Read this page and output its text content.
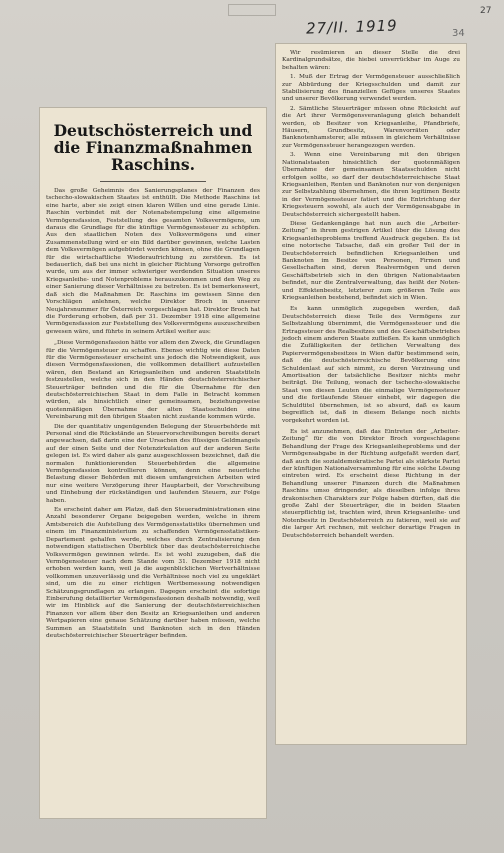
27
27/II. 1919	34
Deutschösterreich und die Finanzmaßnahmen Raschins.

Das große Geheimnis des Sanierungsplanes der Finanzen des tschecho-slowakischen Staates ist enthüllt. Die Methode Raschins ist eine harte, aber sie zeigt einen klaren Willen und eine gerade Linie. Raschin verbindet mit der Notenabstempelung eine allgemeine Vermögensfassion, Feststellung des gesamten Volksvermögens, um daraus die Grundlage für die künftige Vermögenssteuer zu schöpfen. Aus den staatlichen Noten des Volksvermögens und einer Zusammenstellung wird er ein Bild darüber gewinnen, welche Lasten dem Volksvermögen aufgebürdet werden können, ohne die Grundlagen für die wirtschaftliche Wiederaufrichtung zu zerstören. Es ist bedauerlich, daß bei uns nicht in gleicher Richtung Vorsorge getroffen wurde, um aus der immer schwieriger werdenden Situation unseres Kriegsanleihe- und Notenproblems herauszukommen und den Weg zu einer Sanierung dieser Verhältnisse zu betreten. Es ist bemerkenswert, daß sich die Maßnahmen Dr. Raschins im gewissen Sinne den Vorschlägen anlehnen, welche Direktor Broch in unserer Neujahrsnummer für Österreich vorgeschlagen hat. Direktor Broch hat die Forderung erhoben, daß per 31. Dezember 1918 eine allgemeine Vermögensfassion zur Feststellung des Volksvermögens auszuschreiben gewesen wäre, und führte in seinem Artikel weiter aus:

„Diese Vermögensfassion hätte vor allem den Zweck, die Grundlagen für die Vermögensteuer zu schaffen. Ebenso wichtig wie diese Daten für die Vermögenssteuer erscheint uns jedoch die Notwendigkeit, aus diesen Vermögensfassionen, die vollkommen detailliert aufzustellen wären, den Bestand an Kriegsanleihen und anderen Staatstiteln festzustellen, welche sich in den Händen deutschösterreichischer Steuerträger befinden und die für die Übernahme für den deutschösterreichischen Staat in dem Falle in Betracht kommen würden, als hinsichtlich einer gemeinsamen, beziehungsweise quotenmäßigen Übernahme der alten Staatsschulden eine Vereinbarung mit den übrigen Staaten nicht zustande kommen würde.

Die der quantitativ ungenügenden Belegung der Steuerbehörde mit Personal sind die Rückstände an Steuervorschreibungen bereits derart angewachsen, daß darin eine der Ursachen des flüssigen Geldmangels auf der einen Seite und der Notenzirkulation auf der anderen Seite gelegen ist. Es wird daher als ganz ausgeschlossen bezeichnet, daß die normalen funktionierenden Steuerbehörden die allgemeine Vermögensfassion kontrollieren können, denn eine neuerliche Belastung dieser Behörden mit diesen umfangreichen Arbeiten wird nur eine weitere Verzögerung ihrer Hauptarbeit, der Vorschreibung und Einhebung der rückständigen und laufenden Steuern, zur Folge haben.

Es erscheint daher am Platze, daß den Steueradministrationen eine Anzahl besonderer Organe beigegeben werden, welche in ihrem Amtsbereich die Aufstellung des Vermögensstatistiks übernehmen und einem im Finanzministerium zu schaffenden Vermögensstatistiken-Departement gehalfen werde, welches durch Zentralisierung den notwendigen statistischen Überblick über das deutschösterreichische Volksvermögen gewinnen würde. Es ist wohl zuzugeben, daß die Vermögenssteuer nach dem Stande vom 31. Dezember 1918 nicht erhoben werden kann, weil ja die augenblicklichen Wertverhältnisse vollkommen unzuverlässig und die Verhältnisse noch viel zu ungeklärt sind, um die zu einer richtigen Wertbemessung notwendigen Schätzungsgrundlagen zu erlangen. Dagegen erscheint die sofortige Einberufung detaillierter Vermögensfassionen deshalb notwendig, weil wir im Hinblick auf die Sanierung der deutschösterreichischen Finanzen vor allem über den Besitz an Kriegsanleihen und anderen Wertpapieren eine genaue Schätzung darüber haben müssen, welche Summen an Staatstiteln und Banknoten sich in den Händen deutschösterreichischer Steuerträger befinden.

Wir resümieren an dieser Stelle die drei Kardinalgrundsätze, die hiebei unverrückbar im Auge zu behalten wären:

1. Muß der Ertrag der Vermögensteuer ausschließlich zur Abbürdung der Kriegsschulden und damit zur Stabilisierung des finanziellen Gefüges unseres Staates und unserer Bevölkerung verwendet werden.

2. Sämtliche Steuerträger müssen ohne Rücksicht auf die Art ihrer Vermögensveranlagung gleich behandelt werden, ob Besitzer von Kriegsanleihe, Pfandbriefe, Häusern, Grundbesitz, Warenvorräten oder Banknotenhamsterer, alle müssen in gleichem Verhältnisse zur Vermögenssteuer herangezogen werden.

3. Wenn eine Vereinbarung mit den übrigen Nationalstaaten hinsichtlich der quotenmäßigen Übernahme der gemeinsamen Staatsschulden nicht erfolgen sollte, so darf der deutschösterreichische Staat Kriegsanleihen, Renten und Banknoten nur von denjenigen zur Selbstzahlung übernehmen, die ihren legitimen Besitz in der Vermögenssteuer fatiert und die Entrichtung der Kriegssteuern sowohl, als auch der Vermögensabgabe in Deutschösterreich sichergestellt haben.

Diese Gedankengänge hat nun auch die „Arbeiter-Zeitung“ in ihrem gestrigen Artikel über die Lösung des Kriegsanleiheproblems treffend Ausdruck gegeben. Es ist eine notorische Tatsache, daß ein großer Teil der in Deutschösterreich befindlichen Kriegsanleihen und Banknoten im Besitze von Personen, Firmen und Gesellschaften sind, deren Realvermögen und deren Geschäftsbetrieb sich in den übrigen Nationalstaaten befindet, nur die Zentralverwaltung, das heißt der Noten- und Effektenbesitz, letzterer zum größeren Teile aus Kriegsanleihen bestehend, befindet sich in Wien.

Es kann unmöglich zugegeben werden, daß Deutschösterreich diese Teile des Vermögens zur Selbstzahlung übernimmt, die Vermögenssteuer und die Ertragssteuer des Realbesitzes und des Geschäftsbetriebes jedoch einem anderen Staate zufließen. Es kann unmöglich die Zufälligkeiten der örtlichen Verwaltung des Papiervermögensbesitzes in Wien dafür bestimmend sein, daß die deutschösterreichische Bevölkerung eine Schuldenlast auf sich nimmt, zu deren Verzinsung und Amortisation der tatsächliche Besitzer nichts mehr beiträgt. Die Teilung, wonach der tschecho-slowakische Staat von diesen Leuten die einmalige Vermögenssteuer und die fortlaufende Steuer einhebt, wir dagegen die Schuldtitel übernehmen, ist so absurd, daß es kaum begreiflich ist, daß in diesem Belange noch nichts vorgekehrt worden ist.

Es ist anzunehmen, daß das Eintreten der „Arbeiter-Zeitung“ für die von Direktor Broch vorgeschlagene Behandlung der Frage des Kriegsanleiheproblems und der Vermögensabgabe in der Richtung aufgefaßt werden darf, daß auch die sozialdemokratische Partei als stärkste Partei der künftigen Nationalversammlung für eine solche Lösung eintreten wird. Es erscheint diese Richtung in der Behandlung unserer Finanzen durch die Maßnahmen Raschins umso dringender, als dieselben infolge ihres drakonischen Charakters zur Folge haben dürften, daß die große Zahl der Steuerträger, die in beiden Staaten steuerpflichtig ist, trachten wird, ihren Kriegsanleihe- und Notenbesitz in Deutschösterreich zu fatieren, weil sie auf die larger Art rechnen, mit welcher derartige Fragen in Deutschösterreich behandelt werden.
